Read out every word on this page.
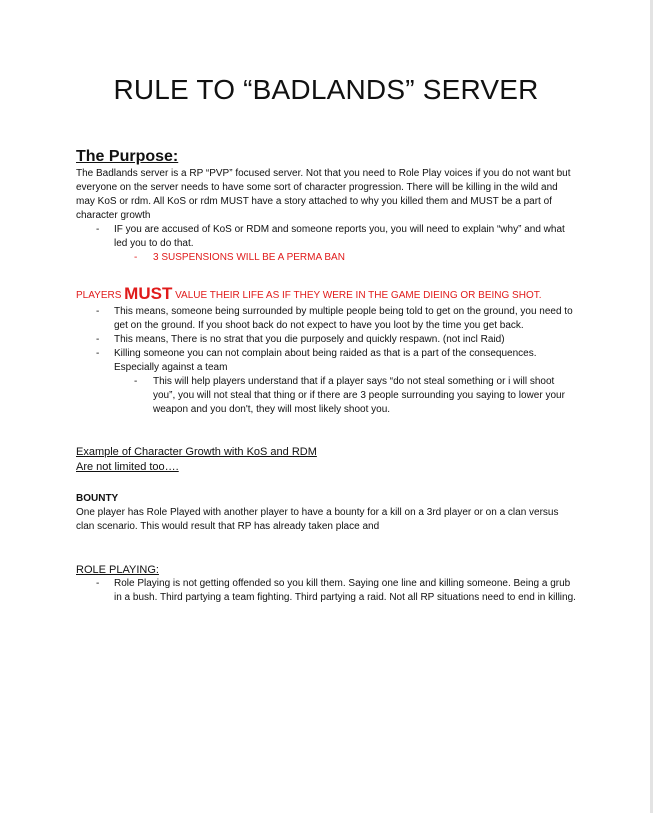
RULE TO “BADLANDS” SERVER
The Purpose:

The Badlands server is a RP “PVP” focused server. Not that you need to Role Play voices if you do not want but everyone on the server needs to have some sort of character progression. There will be killing in the wild and may KoS or rdm. All KoS or rdm MUST have a story attached to why you killed them and MUST be a part of character growth

- IF you are accused of KoS or RDM and someone reports you, you will need to explain “why” and what led you to do that.
- 3 SUSPENSIONS WILL BE A PERMA BAN
PLAYERS MUST VALUE THEIR LIFE AS IF THEY WERE IN THE GAME DIEING OR BEING SHOT.
- This means, someone being surrounded by multiple people being told to get on the ground, you need to get on the ground. If you shoot back do not expect to have you loot by the time you get back.
- This means, There is no strat that you die purposely and quickly respawn. (not incl Raid)
- Killing someone you can not complain about being raided as that is a part of the consequences. Especially against a team
- This will help players understand that if a player says “do not steal something or i will shoot you”, you will not steal that thing or if there are 3 people surrounding you saying to lower your weapon and you don't, they will most likely shoot you.
Example of Character Growth with KoS and RDM
Are not limited too….
BOUNTY

One player has Role Played with another player to have a bounty for a kill on a 3rd player or on a clan versus clan scenario. This would result that RP has already taken place and

ROLE PLAYING:
- Role Playing is not getting offended so you kill them. Saying one line and killing someone. Being a grub in a bush. Third partying a team fighting. Third partying a raid. Not all RP situations need to end in killing.
